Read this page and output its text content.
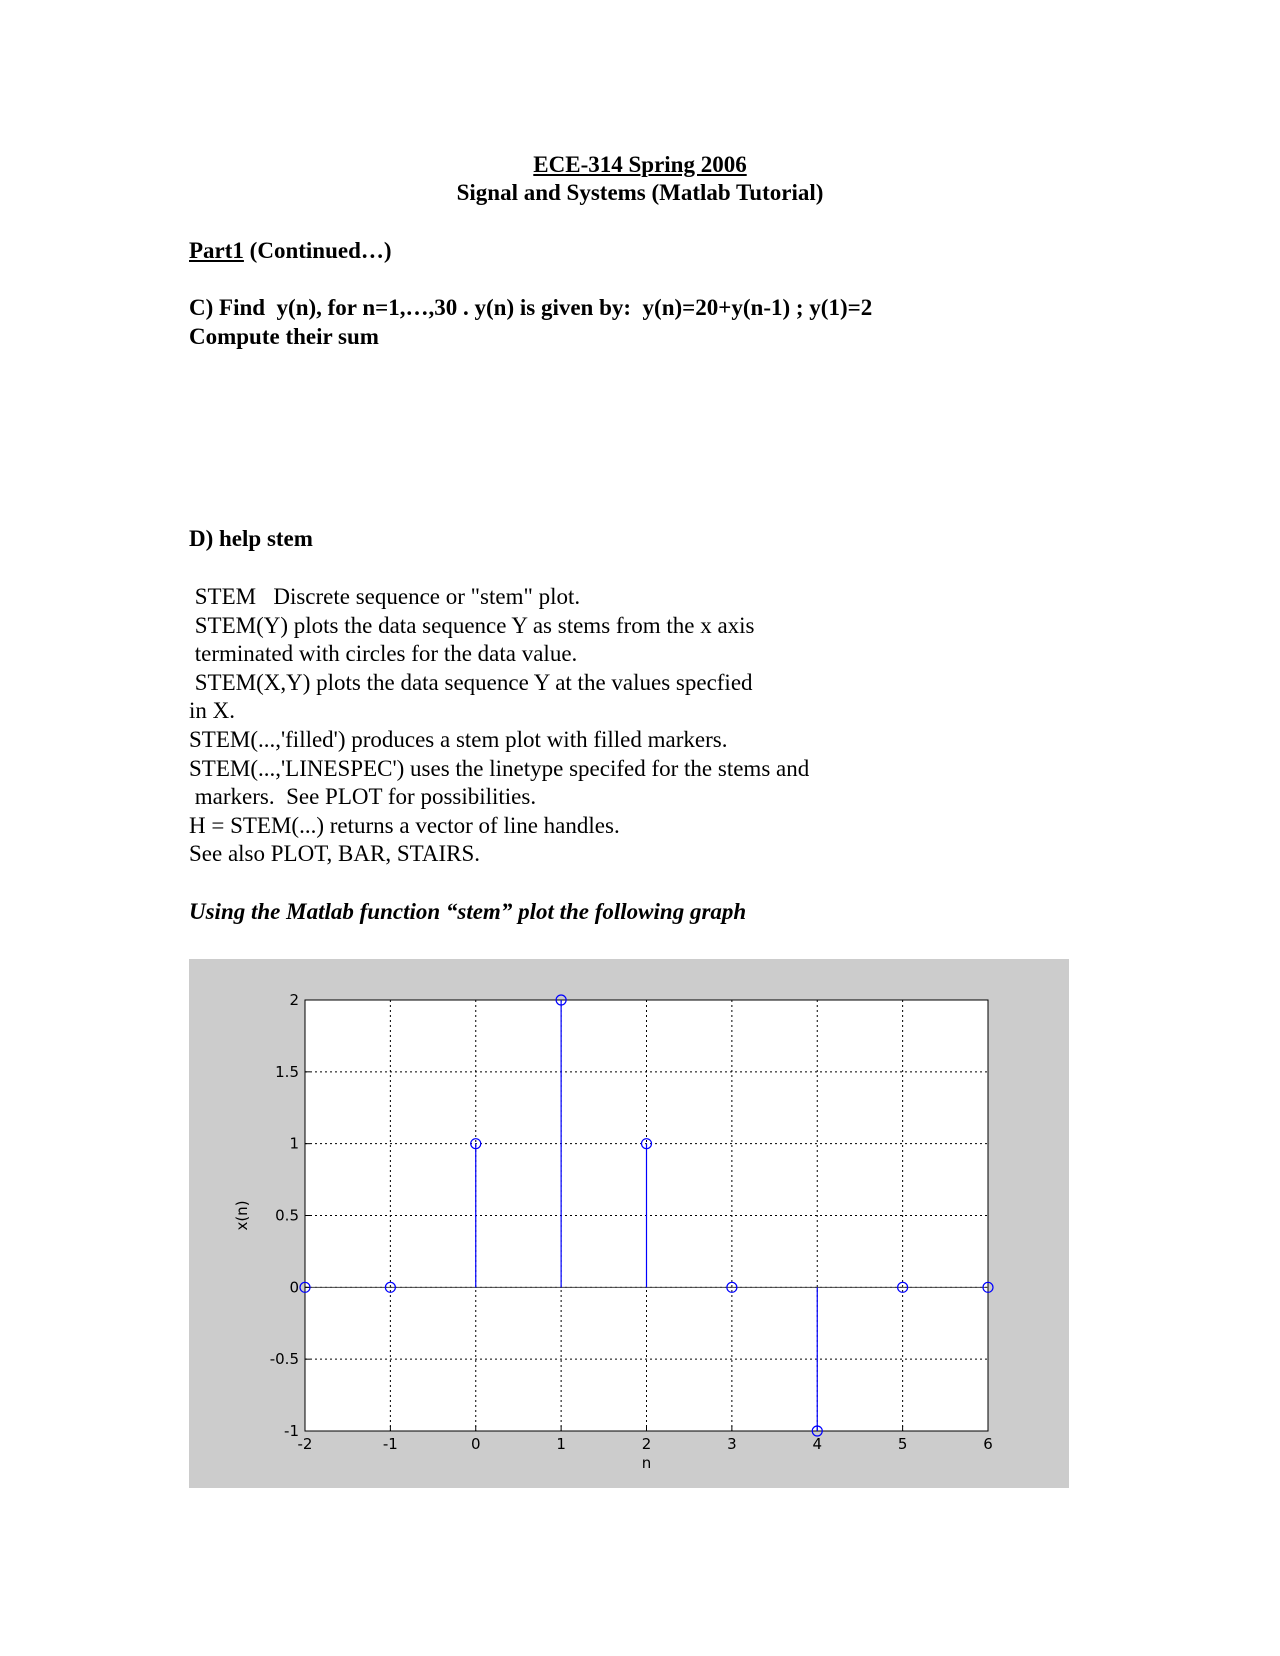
ECE-314 Spring 2006
Signal and Systems (Matlab Tutorial)
Part1 (Continued…)
C) Find  y(n), for n=1,…,30 . y(n) is given by:  y(n)=20+y(n-1) ; y(1)=2
Compute their sum
D) help stem
STEM   Discrete sequence or "stem" plot.
STEM(Y) plots the data sequence Y as stems from the x axis
terminated with circles for the data value.
STEM(X,Y) plots the data sequence Y at the values specfied
in X.
STEM(...,'filled') produces a stem plot with filled markers.
STEM(...,'LINESPEC') uses the linetype specifed for the stems and
markers.  See PLOT for possibilities.
H = STEM(...) returns a vector of line handles.
See also PLOT, BAR, STAIRS.
Using the Matlab function “stem” plot the following graph
-2	-1	0	1	2	3	4	5	6
-1
-0.5
0
0.5
1
1.5
2
n
x(n)
